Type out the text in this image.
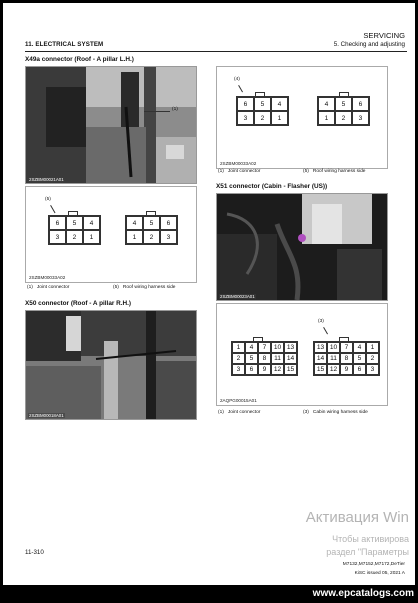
11. ELECTRICAL SYSTEM
SERVICING
5. Checking and adjusting
X49a connector (Roof - A pillar L.H.)
2SZBM00021A01
(1)
(5)
6	5	4
3	2	1
4	5	6
1	2	3
2SZBM00033A02
(1) Joint connector	(5) Roof wiring harness side
X50 connector (Roof - A pillar R.H.)
2SZBM00018A01
(4)
6	5	4
3	2	1
4	5	6
1	2	3
2SZBM00033A02
(1) Joint connector	(5) Roof wiring harness side
X51 connector (Cabin - Flasher (US))
2SZBM00023A01
(3)
1	4	7	10 13
2	5	8	11 14
3	6	9	12 15
13 10	7	4	1
14 11	8	5	2
15 12	9	6	3
2AQPG00015A01
(1) Joint connector	(3) Cabin wiring harness side
Активация Win
Чтобы активирова
раздел "Параметры
11-310
M7132,M7152,M7172,DeTier
KiSC issued 05, 2021 A
www.epcatalogs.com
